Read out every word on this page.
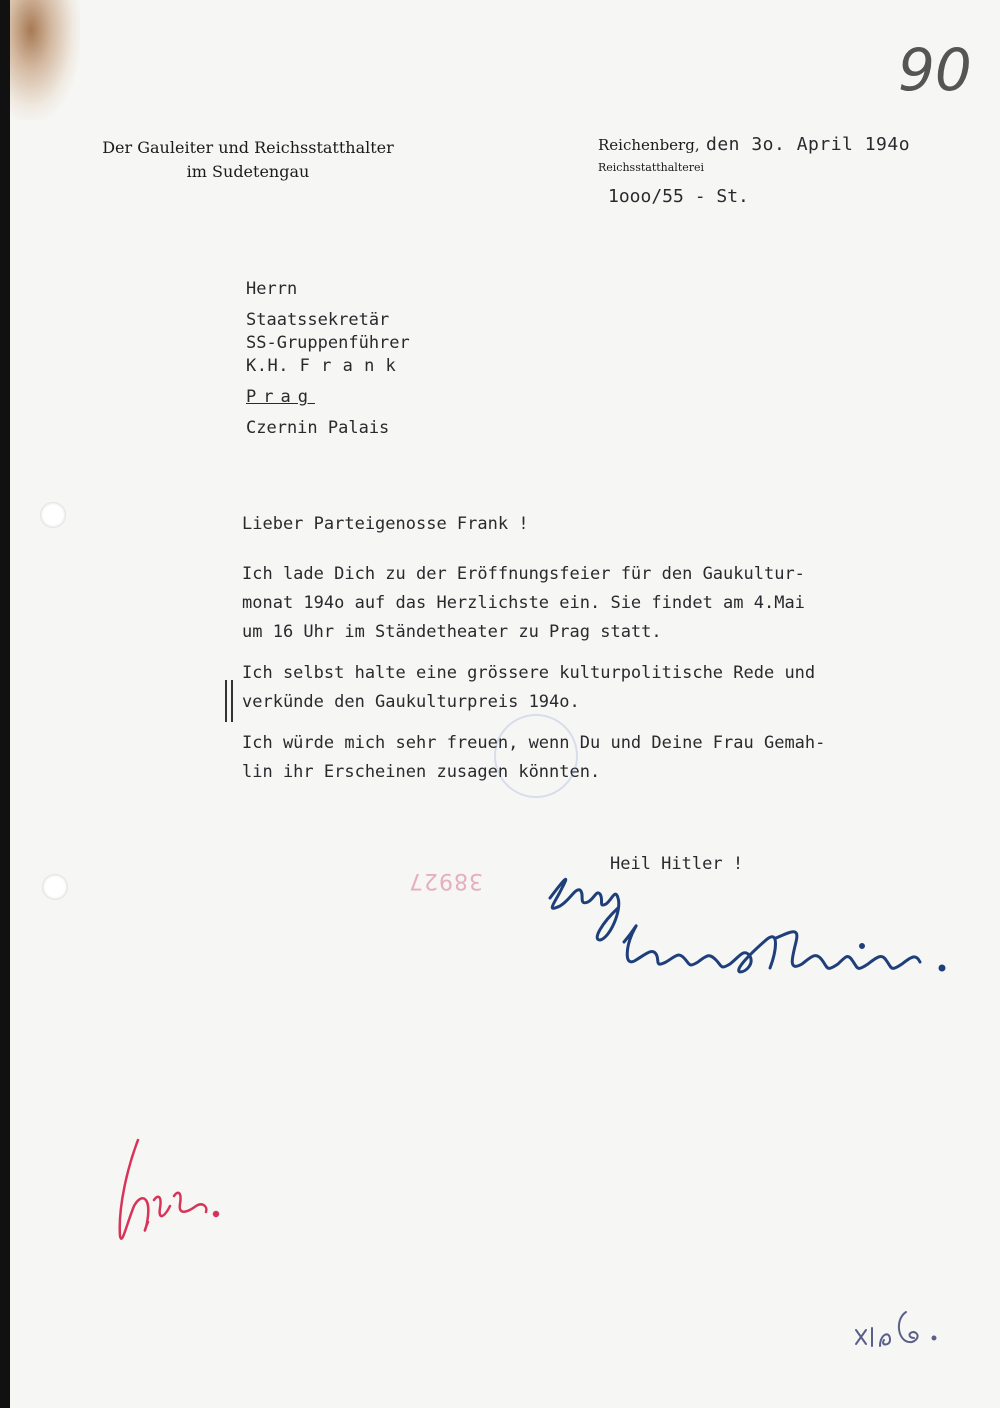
90
Der Gauleiter und Reichsstatthalter
im Sudetengau
Reichenberg, den 3o. April 194o
Reichsstatthalterei
1ooo/55 - St.
Herrn
Staatssekretär
SS-Gruppenführer
K.H. F r a n k
Prag
Czernin Palais
Lieber Parteigenosse Frank !

Ich lade Dich zu der Eröffnungsfeier für den Gaukultur-
monat 194o auf das Herzlichste ein. Sie findet am 4.Mai
um 16 Uhr im Ständetheater zu Prag statt.

Ich selbst halte eine grössere kulturpolitische Rede und
verkünde den Gaukulturpreis 194o.

Ich würde mich sehr freuen, wenn Du und Deine Frau Gemah-
lin ihr Erscheinen zusagen könnten.

38927
Heil Hitler !
